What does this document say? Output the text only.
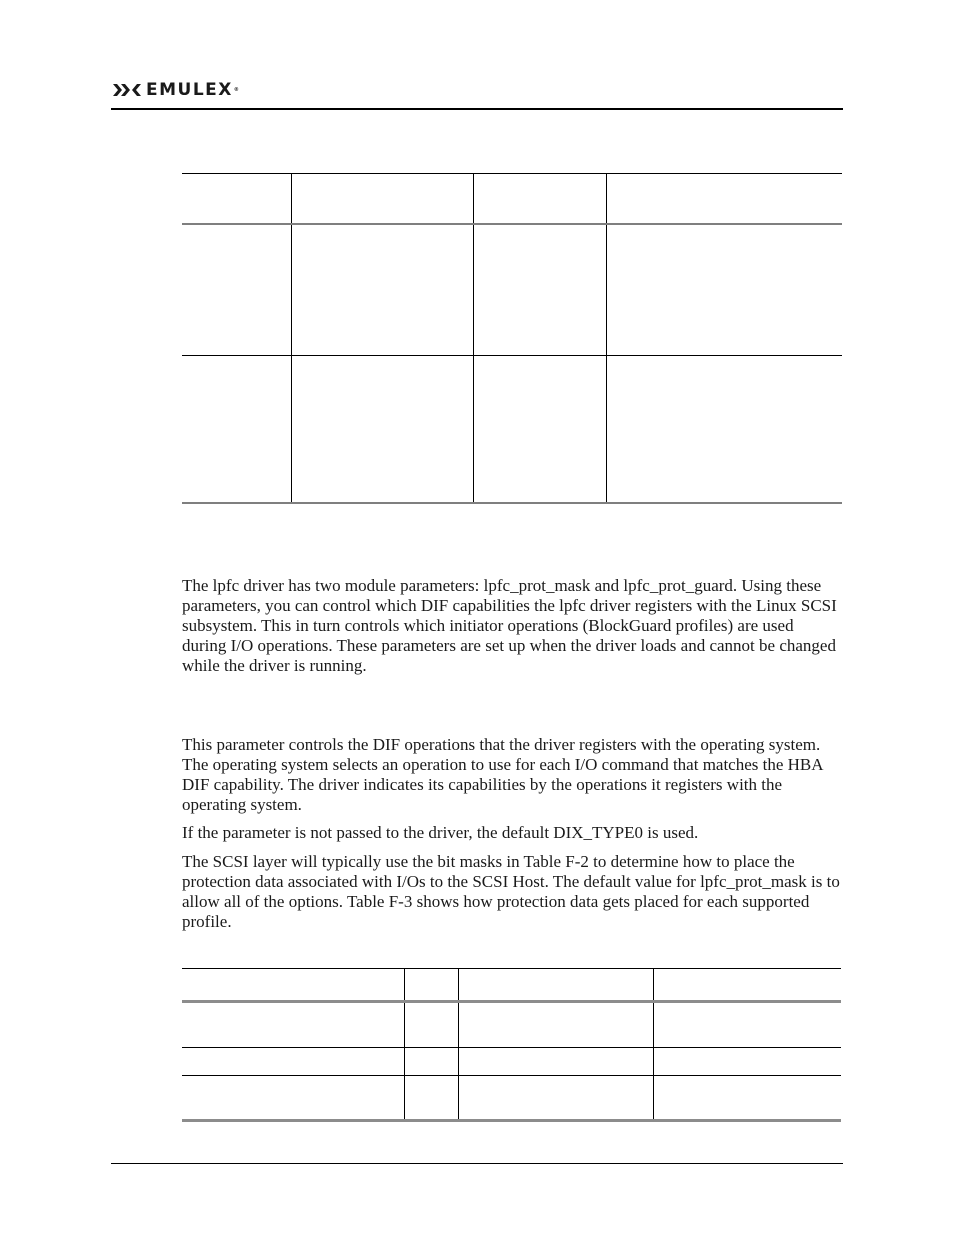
EMULEX®

The lpfc driver has two module parameters: lpfc_prot_mask and lpfc_prot_guard. Using these parameters, you can control which DIF capabilities the lpfc driver registers with the Linux SCSI subsystem. This in turn controls which initiator operations (BlockGuard profiles) are used during I/O operations. These parameters are set up when the driver loads and cannot be changed while the driver is running.

This parameter controls the DIF operations that the driver registers with the operating system. The operating system selects an operation to use for each I/O command that matches the HBA DIF capability. The driver indicates its capabilities by the operations it registers with the operating system.

If the parameter is not passed to the driver, the default DIX_TYPE0 is used.

The SCSI layer will typically use the bit masks in Table F-2 to determine how to place the protection data associated with I/Os to the SCSI Host. The default value for lpfc_prot_mask is to allow all of the options. Table F-3 shows how protection data gets placed for each supported profile.
